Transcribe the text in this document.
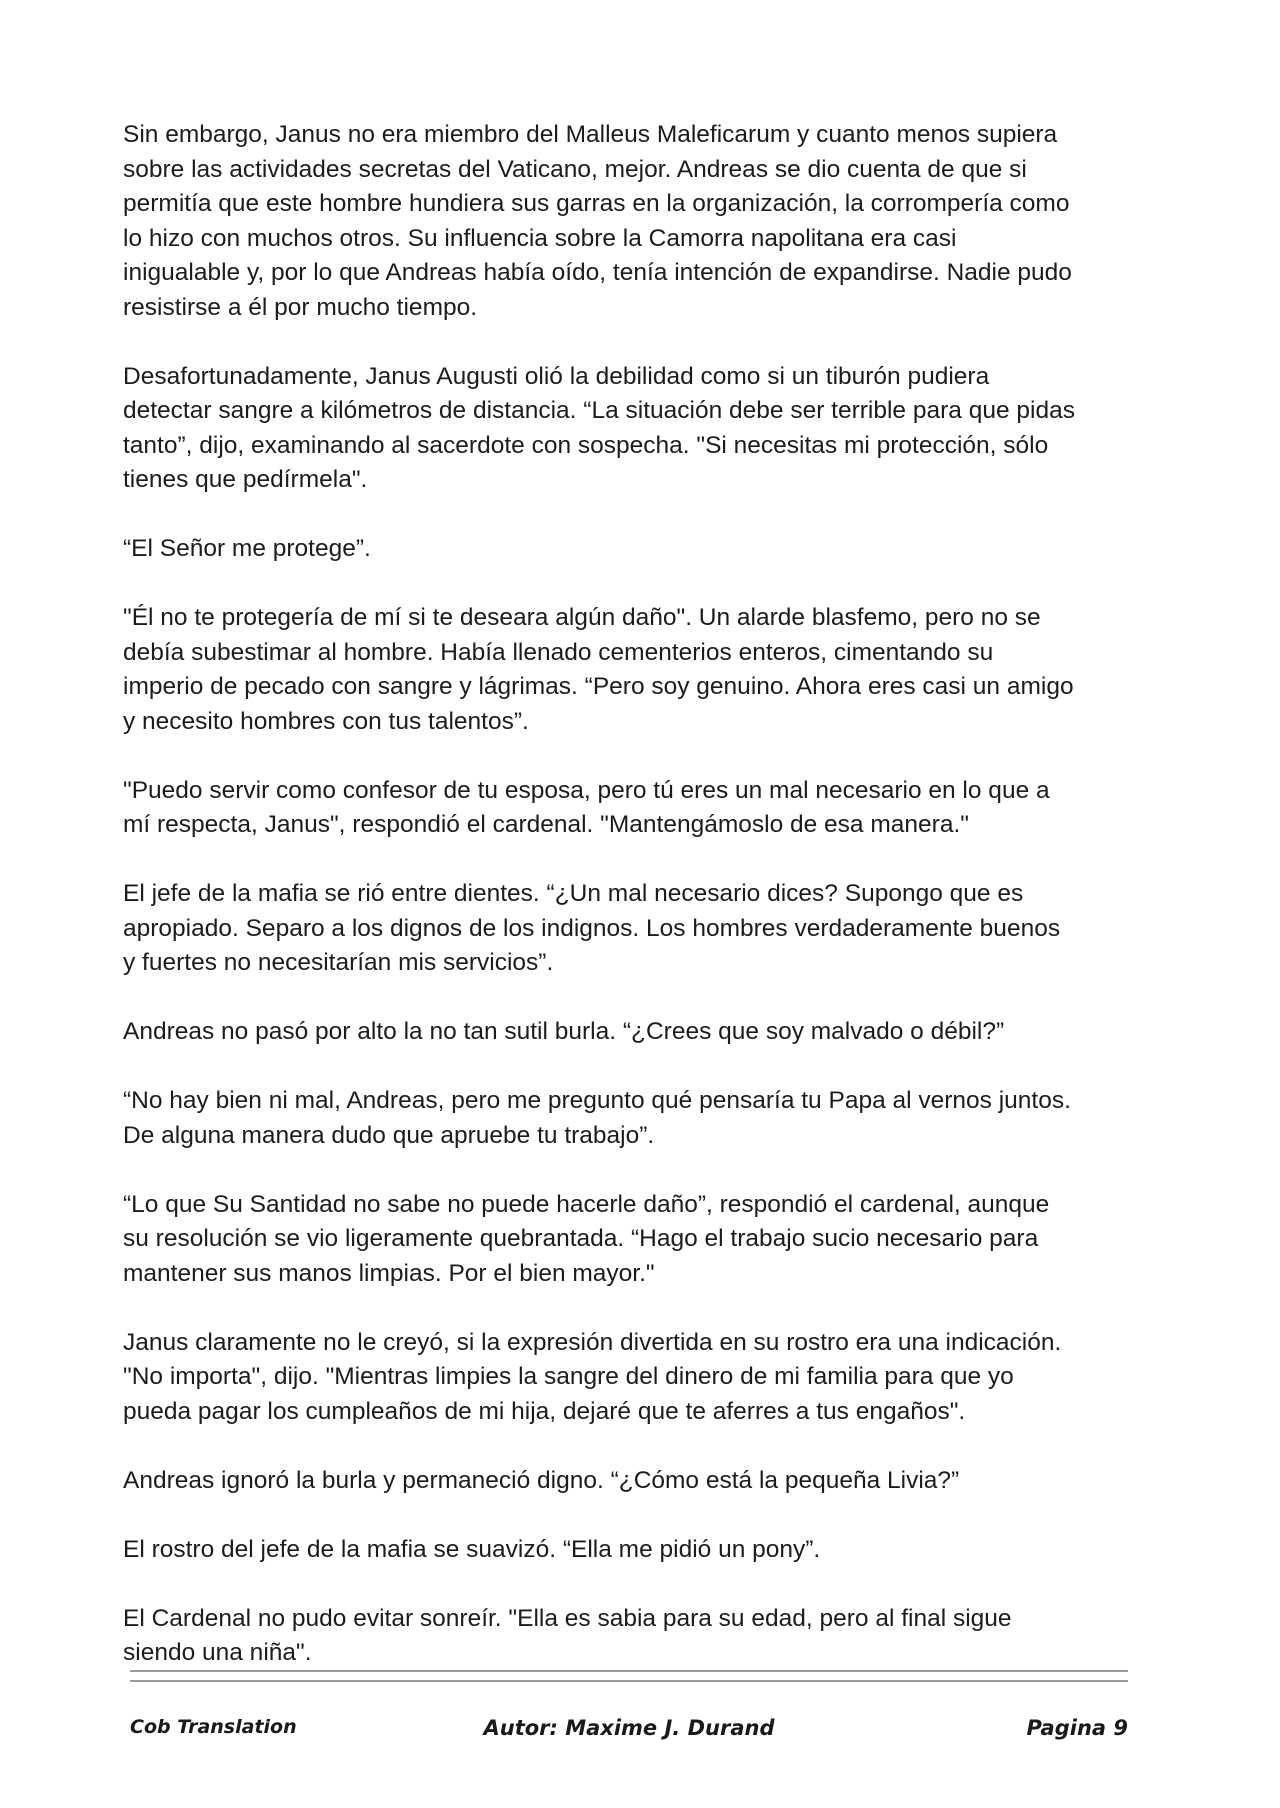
Sin embargo, Janus no era miembro del Malleus Maleficarum y cuanto menos supiera
sobre las actividades secretas del Vaticano, mejor. Andreas se dio cuenta de que si
permitía que este hombre hundiera sus garras en la organización, la corrompería como
lo hizo con muchos otros. Su influencia sobre la Camorra napolitana era casi
inigualable y, por lo que Andreas había oído, tenía intención de expandirse. Nadie pudo
resistirse a él por mucho tiempo.

Desafortunadamente, Janus Augusti olió la debilidad como si un tiburón pudiera
detectar sangre a kilómetros de distancia. “La situación debe ser terrible para que pidas
tanto”, dijo, examinando al sacerdote con sospecha. "Si necesitas mi protección, sólo
tienes que pedírmela".

“El Señor me protege”.

"Él no te protegería de mí si te deseara algún daño". Un alarde blasfemo, pero no se
debía subestimar al hombre. Había llenado cementerios enteros, cimentando su
imperio de pecado con sangre y lágrimas. “Pero soy genuino. Ahora eres casi un amigo
y necesito hombres con tus talentos”.

"Puedo servir como confesor de tu esposa, pero tú eres un mal necesario en lo que a
mí respecta, Janus", respondió el cardenal. "Mantengámoslo de esa manera."

El jefe de la mafia se rió entre dientes. “¿Un mal necesario dices? Supongo que es
apropiado. Separo a los dignos de los indignos. Los hombres verdaderamente buenos
y fuertes no necesitarían mis servicios”.

Andreas no pasó por alto la no tan sutil burla. “¿Crees que soy malvado o débil?”

“No hay bien ni mal, Andreas, pero me pregunto qué pensaría tu Papa al vernos juntos.
De alguna manera dudo que apruebe tu trabajo”.

“Lo que Su Santidad no sabe no puede hacerle daño”, respondió el cardenal, aunque
su resolución se vio ligeramente quebrantada. “Hago el trabajo sucio necesario para
mantener sus manos limpias. Por el bien mayor."

Janus claramente no le creyó, si la expresión divertida en su rostro era una indicación.
"No importa", dijo. "Mientras limpies la sangre del dinero de mi familia para que yo
pueda pagar los cumpleaños de mi hija, dejaré que te aferres a tus engaños".

Andreas ignoró la burla y permaneció digno. “¿Cómo está la pequeña Livia?”

El rostro del jefe de la mafia se suavizó. “Ella me pidió un pony”.

El Cardenal no pudo evitar sonreír. "Ella es sabia para su edad, pero al final sigue
siendo una niña".

Cob Translation	Autor: Maxime J. Durand	Pagina 9
